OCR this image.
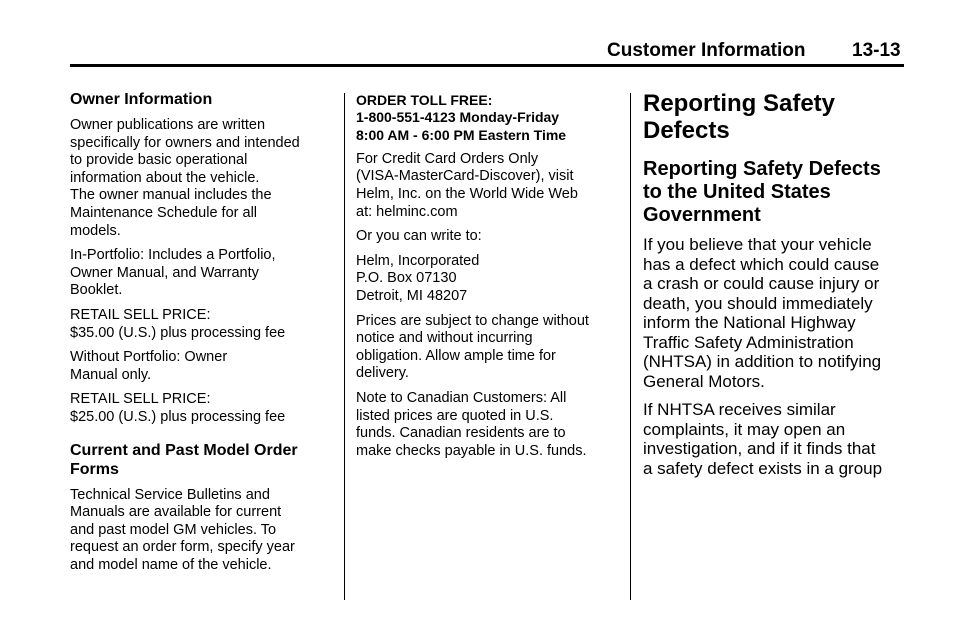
Customer Information 13-13
Owner Information
Owner publications are written
specifically for owners and intended
to provide basic operational
information about the vehicle.
The owner manual includes the
Maintenance Schedule for all
models.
In-Portfolio: Includes a Portfolio,
Owner Manual, and Warranty
Booklet.
RETAIL SELL PRICE:
$35.00 (U.S.) plus processing fee
Without Portfolio: Owner
Manual only.
RETAIL SELL PRICE:
$25.00 (U.S.) plus processing fee
Current and Past Model Order
Forms
Technical Service Bulletins and
Manuals are available for current
and past model GM vehicles. To
request an order form, specify year
and model name of the vehicle.
ORDER TOLL FREE:
1-800-551-4123 Monday-Friday
8:00 AM - 6:00 PM Eastern Time
For Credit Card Orders Only
(VISA-MasterCard-Discover), visit
Helm, Inc. on the World Wide Web
at: helminc.com
Or you can write to:
Helm, Incorporated
P.O. Box 07130
Detroit, MI 48207
Prices are subject to change without
notice and without incurring
obligation. Allow ample time for
delivery.
Note to Canadian Customers: All
listed prices are quoted in U.S.
funds. Canadian residents are to
make checks payable in U.S. funds.
Reporting Safety
Defects
Reporting Safety Defects
to the United States
Government
If you believe that your vehicle
has a defect which could cause
a crash or could cause injury or
death, you should immediately
inform the National Highway
Traffic Safety Administration
(NHTSA) in addition to notifying
General Motors.
If NHTSA receives similar
complaints, it may open an
investigation, and if it finds that
a safety defect exists in a group
